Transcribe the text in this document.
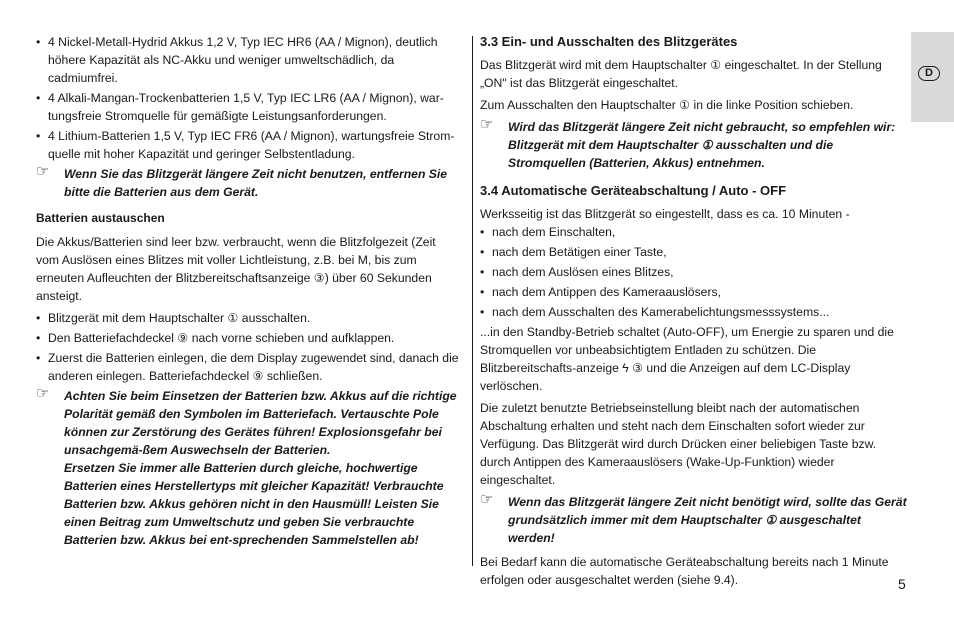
• 4 Nickel-Metall-Hydrid Akkus 1,2 V, Typ IEC HR6 (AA / Mignon), deutlich höhere Kapazität als NC-Akku und weniger umweltschädlich, da cadmiumfrei.

• 4 Alkali-Mangan-Trockenbatterien 1,5 V, Typ IEC LR6 (AA / Mignon), war-tungsfreie Stromquelle für gemäßigte Leistungsanforderungen.

• 4 Lithium-Batterien 1,5 V, Typ IEC FR6 (AA / Mignon), wartungsfreie Strom-quelle mit hoher Kapazität und geringer Selbstentladung.

☞ Wenn Sie das Blitzgerät längere Zeit nicht benutzen, entfernen Sie bitte die Batterien aus dem Gerät.

Batterien austauschen

Die Akkus/Batterien sind leer bzw. verbraucht, wenn die Blitzfolgezeit (Zeit vom Auslösen eines Blitzes mit voller Lichtleistung, z.B. bei M, bis zum erneuten Aufleuchten der Blitzbereitschaftsanzeige ③) über 60 Sekunden ansteigt.

• Blitzgerät mit dem Hauptschalter ① ausschalten.

• Den Batteriefachdeckel ⑨ nach vorne schieben und aufklappen.

• Zuerst die Batterien einlegen, die dem Display zugewendet sind, danach die anderen einlegen. Batteriefachdeckel ⑨ schließen.

☞ Achten Sie beim Einsetzen der Batterien bzw. Akkus auf die richtige Polarität gemäß den Symbolen im Batteriefach. Vertauschte Pole können zur Zerstörung des Gerätes führen! Explosionsgefahr bei unsachgemä-ßem Auswechseln der Batterien.
Ersetzen Sie immer alle Batterien durch gleiche, hochwertige Batterien eines Herstellertyps mit gleicher Kapazität! Verbrauchte Batterien bzw. Akkus gehören nicht in den Hausmüll! Leisten Sie einen Beitrag zum Umweltschutz und geben Sie verbrauchte Batterien bzw. Akkus bei ent-sprechenden Sammelstellen ab!

3.3 Ein- und Ausschalten des Blitzgerätes

Das Blitzgerät wird mit dem Hauptschalter ① eingeschaltet. In der Stellung „ON" ist das Blitzgerät eingeschaltet.

Zum Ausschalten den Hauptschalter ① in die linke Position schieben.

☞ Wird das Blitzgerät längere Zeit nicht gebraucht, so empfehlen wir: Blitzgerät mit dem Hauptschalter ① ausschalten und die Stromquellen (Batterien, Akkus) entnehmen.

3.4 Automatische Geräteabschaltung / Auto - OFF

Werksseitig ist das Blitzgerät so eingestellt, dass es ca. 10 Minuten -

• nach dem Einschalten,

• nach dem Betätigen einer Taste,

• nach dem Auslösen eines Blitzes,

• nach dem Antippen des Kameraauslösers,

• nach dem Ausschalten des Kamerabelichtungsmesssystems...

...in den Standby-Betrieb schaltet (Auto-OFF), um Energie zu sparen und die Stromquellen vor unbeabsichtigtem Entladen zu schützen. Die Blitzbereitschafts-anzeige ϟ ③ und die Anzeigen auf dem LC-Display verlöschen.

Die zuletzt benutzte Betriebseinstellung bleibt nach der automatischen Abschaltung erhalten und steht nach dem Einschalten sofort wieder zur Verfügung. Das Blitzgerät wird durch Drücken einer beliebigen Taste bzw. durch Antippen des Kameraauslösers (Wake-Up-Funktion) wieder eingeschaltet.

☞ Wenn das Blitzgerät längere Zeit nicht benötigt wird, sollte das Gerät grundsätzlich immer mit dem Hauptschalter ① ausgeschaltet werden!

Bei Bedarf kann die automatische Geräteabschaltung bereits nach 1 Minute erfolgen oder ausgeschaltet werden (siehe 9.4).

D
5
